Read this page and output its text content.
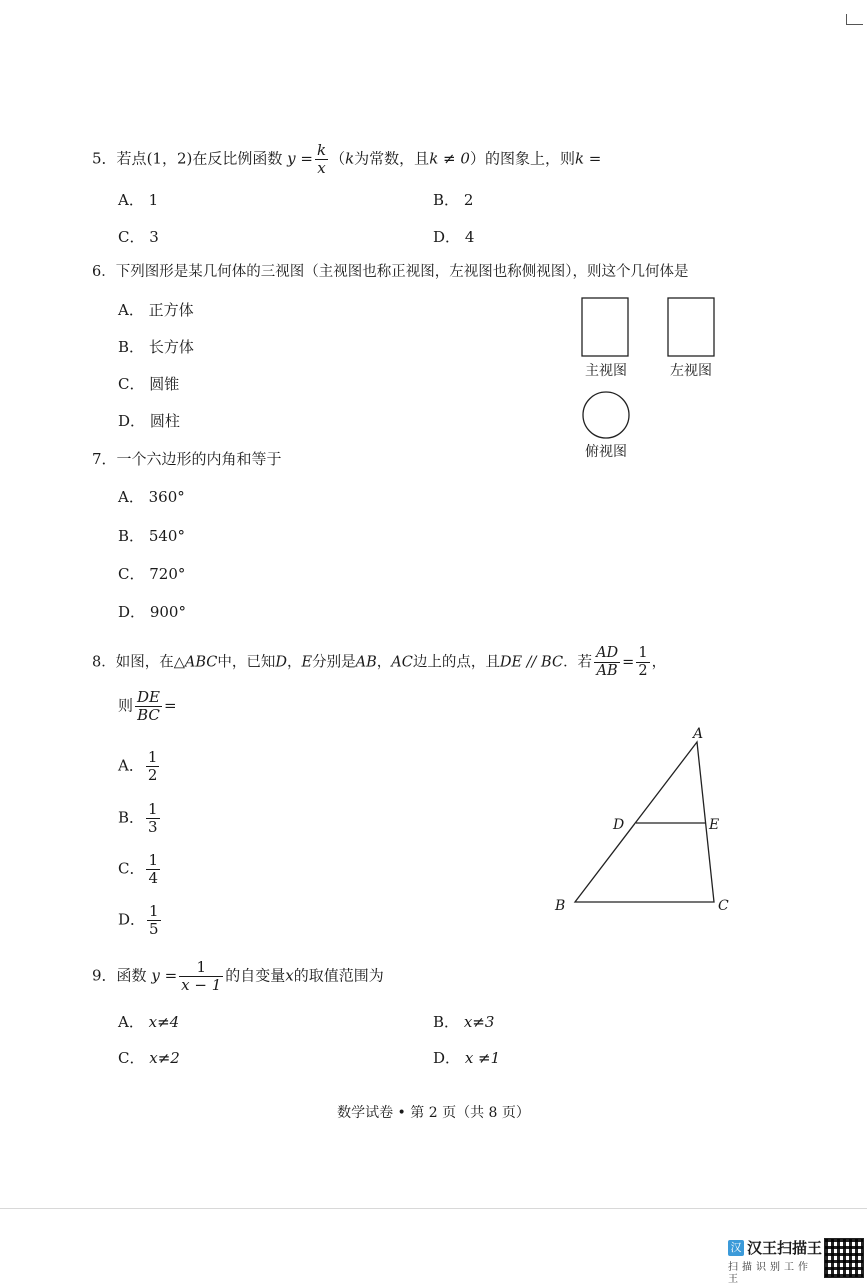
5．若点(1，2)在反比例函数 $y = \frac{k}{x} (k$为常数，且k ≠ 0）的图象上，则k =
A． 1	B． 2
C． 3	D． 4
6．下列图形是某几何体的三视图（主视图也称正视图，左视图也称侧视图），则这个几何体是
A． 正方体
B． 长方体
C． 圆锥
D． 圆柱
主视图	左视图
俯视图
7．一个六边形的内角和等于
A． 360°
B． 540°
C． 720°
D． 900°
8．如图，在△ABC中，已知D，E分别是AB，AC边上的点，且DE // BC．若 $\frac{AD}{AB} = \frac{1}{2}$ ，
则 $\frac{DE}{BC}$ =
A． $\frac{1}{2}$
B． $\frac{1}{3}$
C． $\frac{1}{4}$
D． $\frac{1}{5}$
A
B	C
D	E
9．函数 $y = \frac{1}{x - 1}$ 的自变量x的取值范围为
A． x≠4	B． x≠3
C． x≠2	D． x ≠1
数学试卷 • 第 2 页（共 8 页）
汉 汉王扫描王
扫描识别工作王
